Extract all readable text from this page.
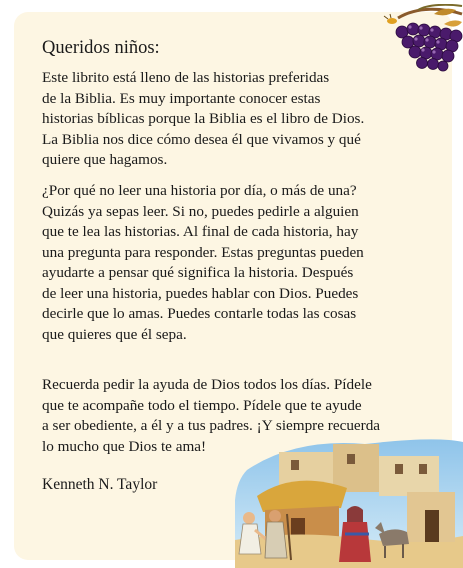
Queridos niños:

Este librito está lleno de las historias preferidas
de la Biblia. Es muy importante conocer estas
historias bíblicas porque la Biblia es el libro de Dios.
La Biblia nos dice cómo desea él que vivamos y qué
quiere que hagamos.

¿Por qué no leer una historia por día, o más de una?
Quizás ya sepas leer. Si no, puedes pedirle a alguien
que te lea las historias. Al final de cada historia, hay
una pregunta para responder. Estas preguntas pueden
ayudarte a pensar qué significa la historia. Después
de leer una historia, puedes hablar con Dios. Puedes
decirle que lo amas. Puedes contarle todas las cosas
que quieres que él sepa.

Recuerda pedir la ayuda de Dios todos los días. Pídele
que te acompañe todo el tiempo. Pídele que te ayude
a ser obediente, a él y a tus padres. ¡Y siempre recuerda
lo mucho que Dios te ama!

Kenneth N. Taylor
